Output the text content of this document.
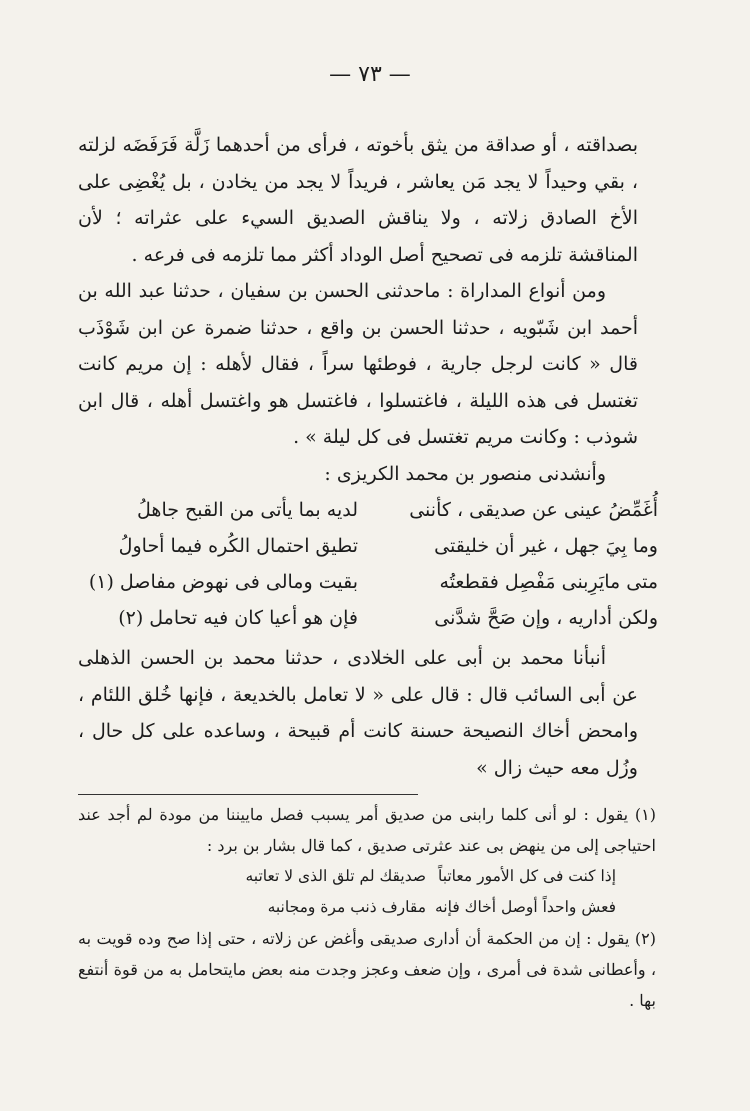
— ٧٣ —

بصداقته ، أو صداقة من يثق بأخوته ، فرأى من أحدهما زَلَّة فَرَفَضَه لزلته ، بقي وحيداً لا يجد مَن يعاشر ، فريداً لا يجد من يخادن ، بل يُغْضِى على الأخ الصادق زلاته ، ولا يناقش الصديق السيء على عثراته ؛ لأن المناقشة تلزمه فى تصحيح أصل الوداد أكثر مما تلزمه فى فرعه .

ومن أنواع المداراة : ماحدثنى الحسن بن سفيان ، حدثنا عبد الله بن أحمد ابن شَبّويه ، حدثنا الحسن بن واقع ، حدثنا ضمرة عن ابن شَوْذَب قال « كانت لرجل جارية ، فوطئها سراً ، فقال لأهله : إن مريم كانت تغتسل فى هذه الليلة ، فاغتسلوا ، فاغتسل هو واغتسل أهله ، قال ابن شوذب : وكانت مريم تغتسل فى كل ليلة » .

وأنشدنى منصور بن محمد الكريزى :

أُغَمِّضُ عينى عن صديقى ، كأننى
لديه بما يأتى من القبح جاهلُ
وما بِيَ جهل ، غير أن خليقتى
تطيق احتمال الكُره فيما أحاولُ
متى مايَرِبنى مَفْصِل فقطعتُه
بقيت ومالى فى نهوض مفاصل (١)
ولكن أداريه ، وإن صَحَّ شدَّنى
فإن هو أعيا كان فيه تحامل (٢)

أنبأنا محمد بن أبى على الخلادى ، حدثنا محمد بن الحسن الذهلى عن أبى السائب قال : قال على « لا تعامل بالخديعة ، فإنها خُلق اللئام ، وامحض أخاك النصيحة حسنة كانت أم قبيحة ، وساعده على كل حال ، وزُل معه حيث زال »

(١) يقول : لو أنى كلما رابنى من صديق أمر يسبب فصل ماييننا من مودة لم أجد عند احتياجى إلى من ينهض بى عند عثرتى صديق ، كما قال بشار بن برد :

إذا كنت فى كل الأمور معاتباً
صديقك لم تلق الذى لا تعاتبه
فعش واحداً أوصل أخاك فإنه
مقارف ذنب مرة ومجانبه

(٢) يقول : إن من الحكمة أن أدارى صديقى وأغض عن زلاته ، حتى إذا صح وده قويت به ، وأعطانى شدة فى أمرى ، وإن ضعف وعجز وجدت منه بعض مايتحامل به من قوة أنتفع بها .
